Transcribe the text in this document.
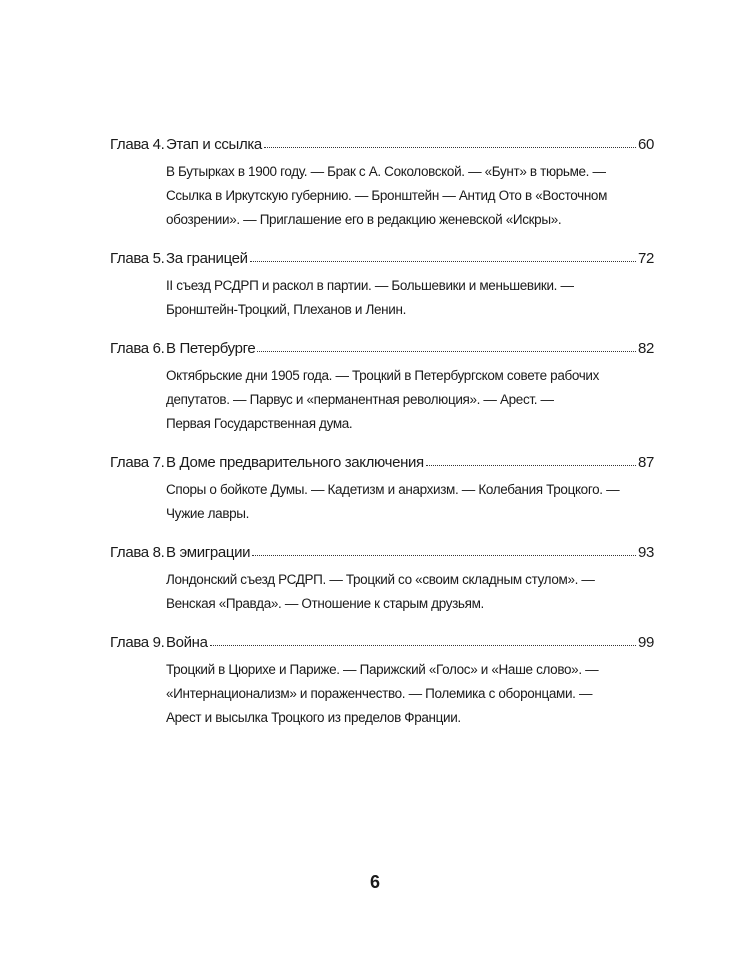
Глава 4. Этап и ссылка	60
В Бутырках в 1900 году. — Брак с А. Соколовской. — «Бунт» в тюрьме. —
Ссылка в Иркутскую губернию. — Бронштейн — Антид Ото в «Восточном
обозрении». — Приглашение его в редакцию женевской «Искры».
Глава 5. За границей	72
II съезд РСДРП и раскол в партии. — Большевики и меньшевики. —
Бронштейн-Троцкий, Плеханов и Ленин.
Глава 6. В Петербурге	82
Октябрьские дни 1905 года. — Троцкий в Петербургском совете рабочих
депутатов. — Парвус и «перманентная революция». — Арест. —
Первая Государственная дума.
Глава 7. В Доме предварительного заключения	87
Споры о бойкоте Думы. — Кадетизм и анархизм. — Колебания Троцкого. —
Чужие лавры.
Глава 8. В эмиграции	93
Лондонский съезд РСДРП. — Троцкий со «своим складным стулом». —
Венская «Правда». — Отношение к старым друзьям.
Глава 9. Война	99
Троцкий в Цюрихе и Париже. — Парижский «Голос» и «Наше слово». —
«Интернационализм» и пораженчество. — Полемика с оборонцами. —
Арест и высылка Троцкого из пределов Франции.
6
